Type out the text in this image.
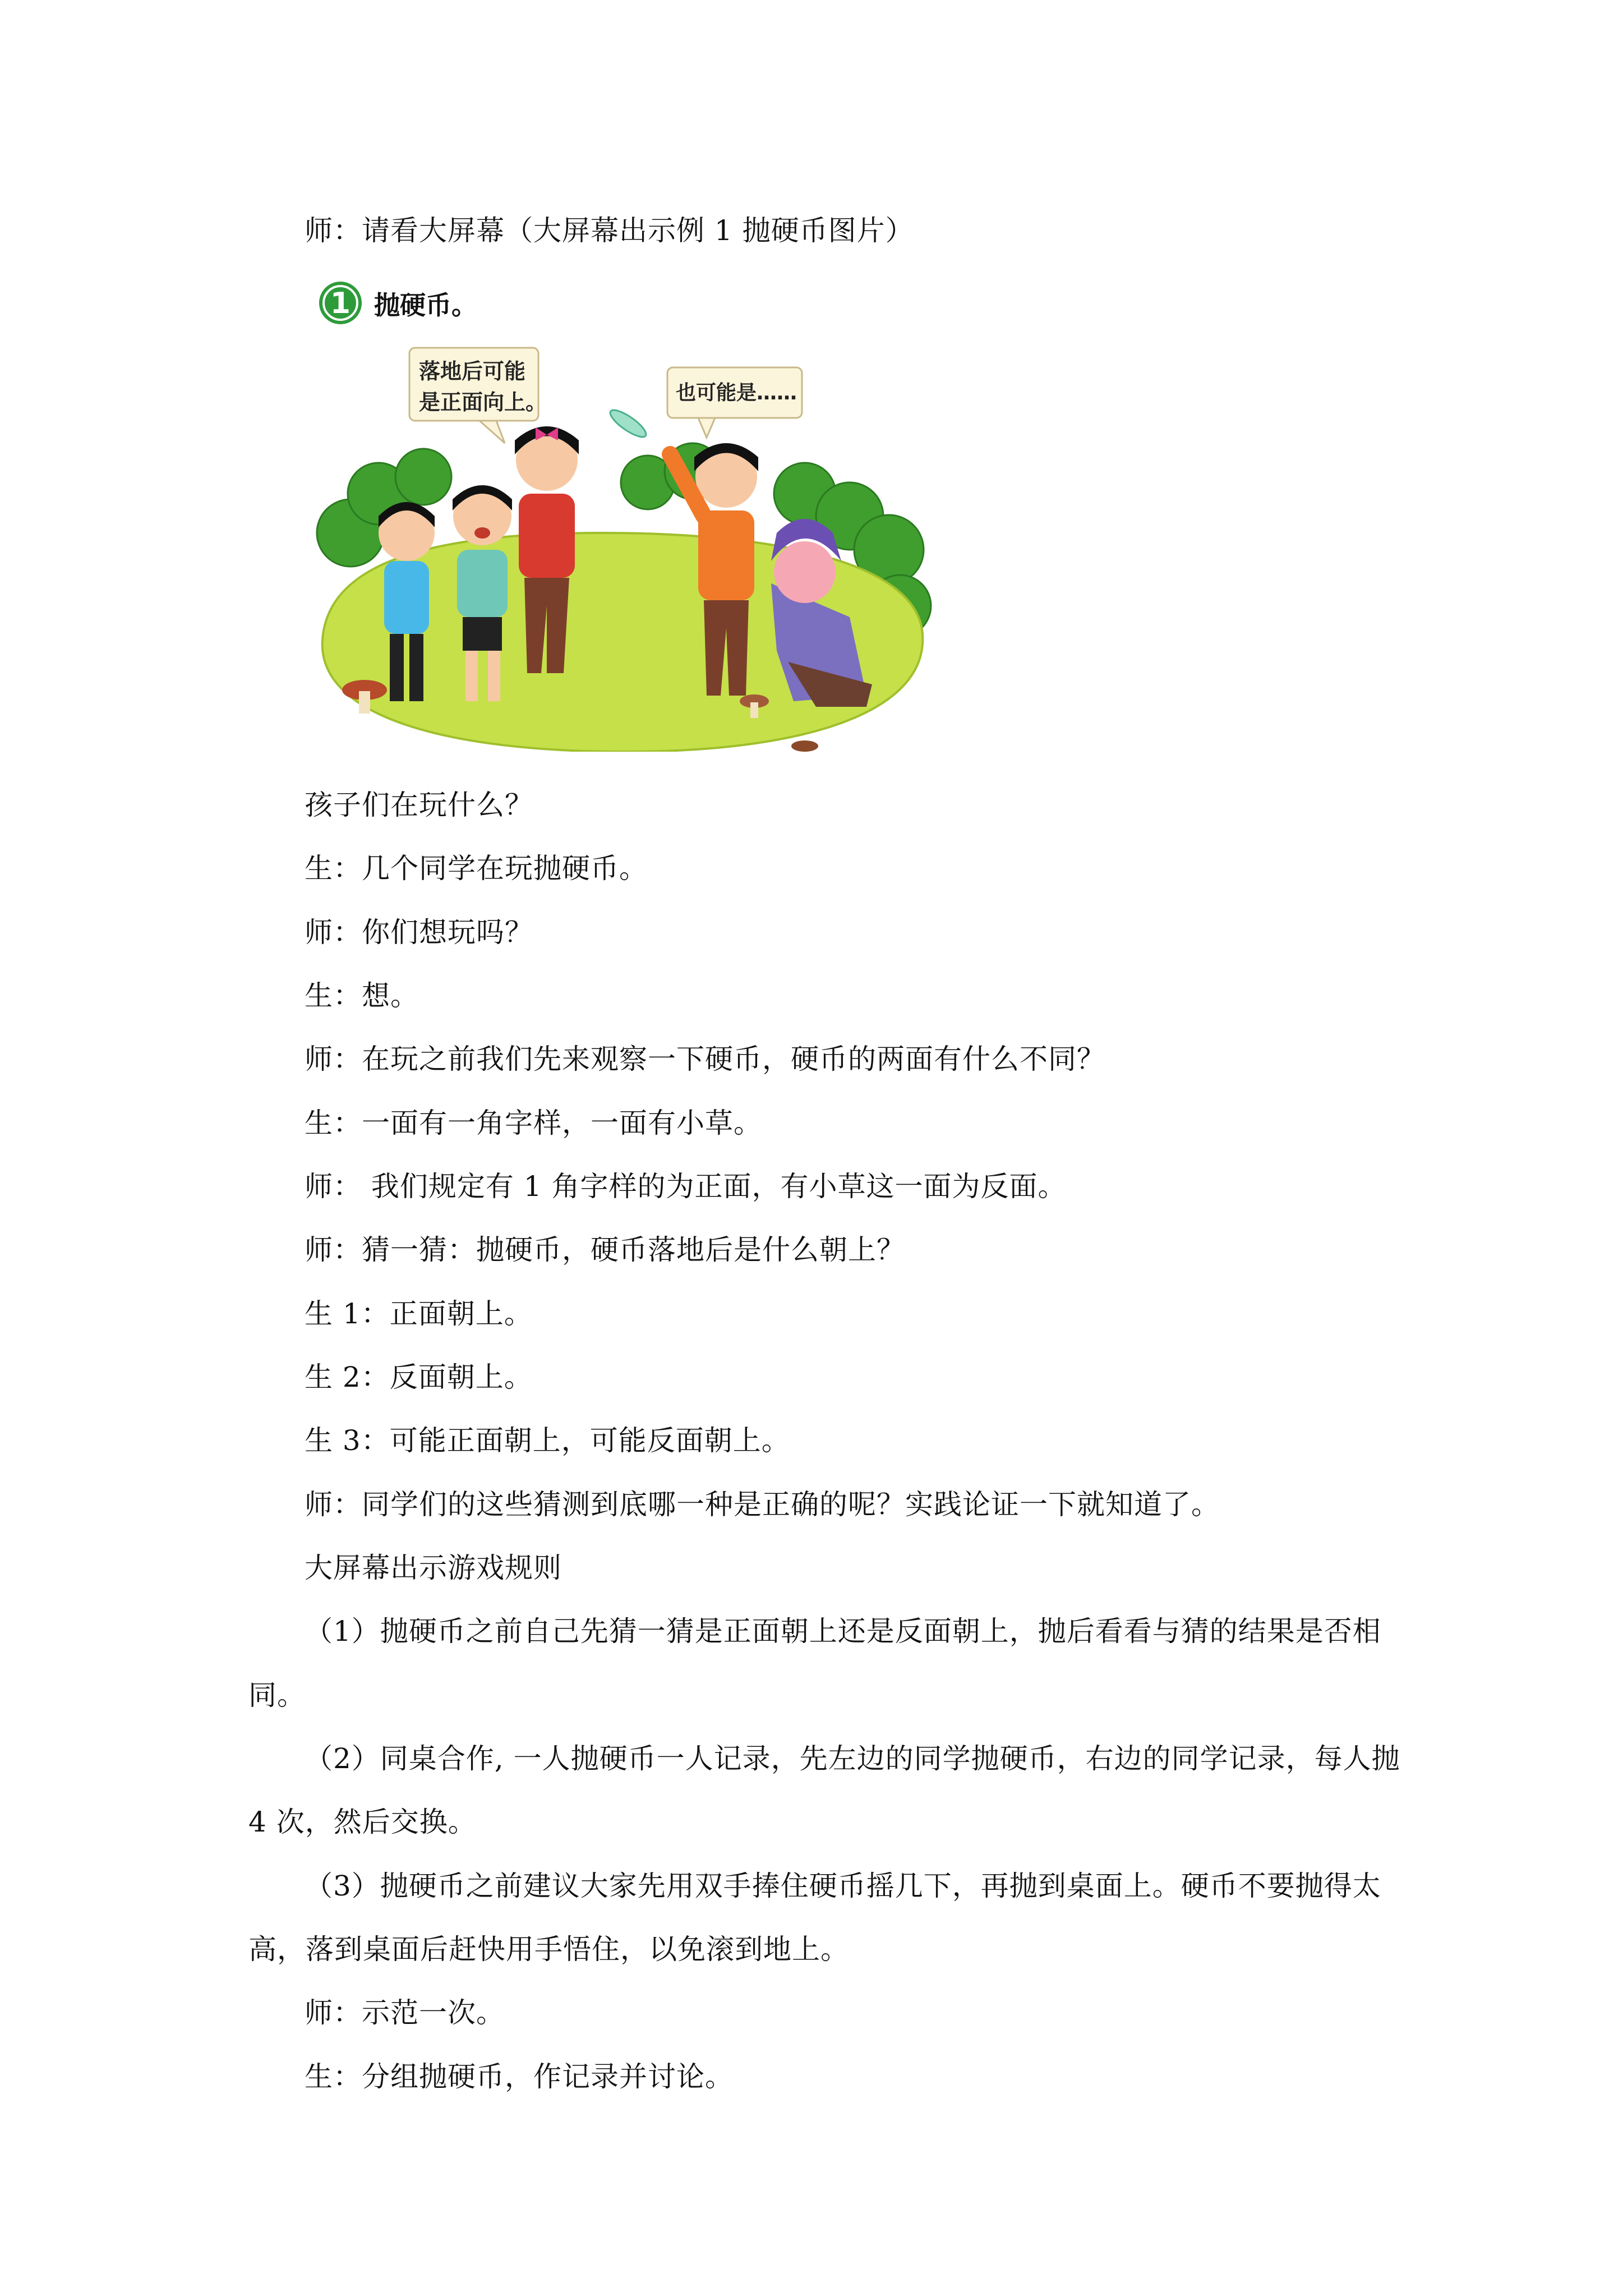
师：请看大屏幕（大屏幕出示例 1 抛硬币图片）
1 抛硬币。
落地后可能
是正面向上。	也可能是……
孩子们在玩什么？
生：几个同学在玩抛硬币。
师：你们想玩吗？
生：想。
师：在玩之前我们先来观察一下硬币，硬币的两面有什么不同？
生：一面有一角字样，一面有小草。
师： 我们规定有 1 角字样的为正面，有小草这一面为反面。
师：猜一猜：抛硬币，硬币落地后是什么朝上？
生 1：正面朝上。
生 2：反面朝上。
生 3：可能正面朝上，可能反面朝上。
师：同学们的这些猜测到底哪一种是正确的呢？实践论证一下就知道了。
大屏幕出示游戏规则
（1）抛硬币之前自己先猜一猜是正面朝上还是反面朝上，抛后看看与猜的结果是否相
同。
（2）同桌合作, 一人抛硬币一人记录，先左边的同学抛硬币，右边的同学记录，每人抛
4 次，然后交换。
（3）抛硬币之前建议大家先用双手捧住硬币摇几下，再抛到桌面上。硬币不要抛得太
高，落到桌面后赶快用手悟住，以免滚到地上。
师：示范一次。
生：分组抛硬币，作记录并讨论。
